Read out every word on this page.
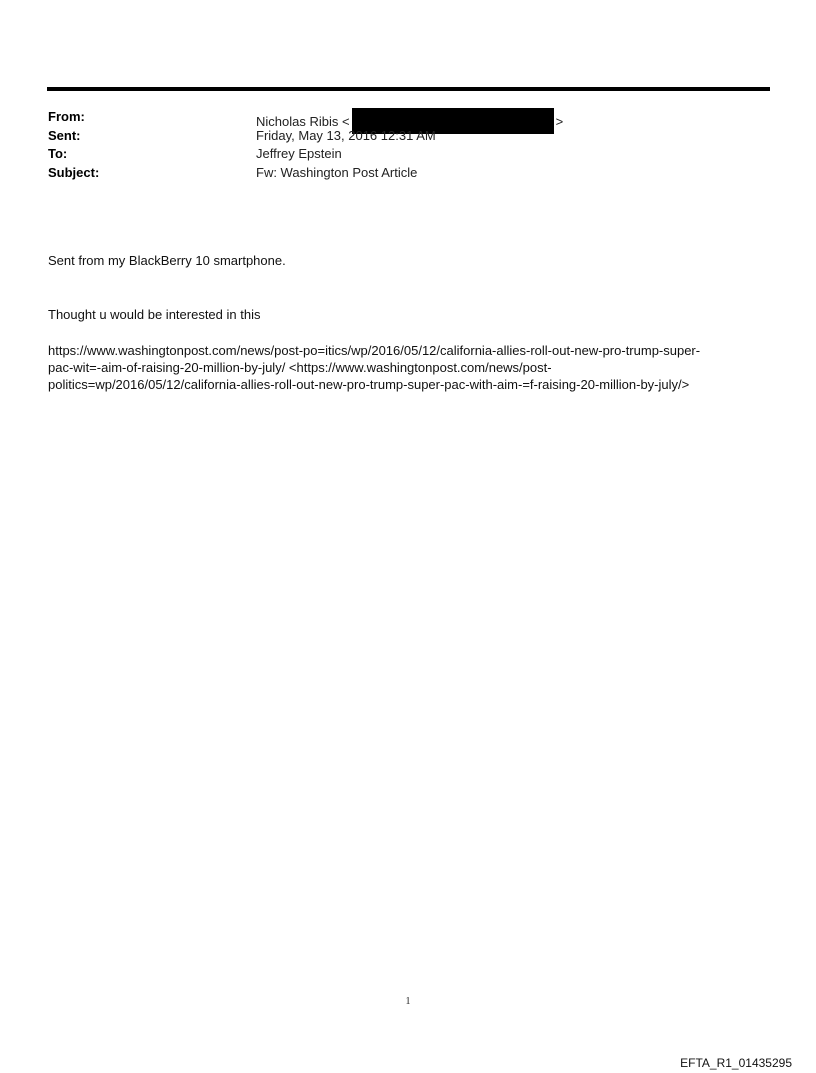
From:	Nicholas Ribis <	>
Sent:	Friday, May 13, 2016 12:31 AM
To:	Jeffrey Epstein
Subject:	Fw: Washington Post Article
Sent from my BlackBerry 10 smartphone.
Thought u would be interested in this
https://www.washingtonpost.com/news/post-po=itics/wp/2016/05/12/california-allies-roll-out-new-pro-trump-super-
pac-wit=-aim-of-raising-20-million-by-july/ <https://www.washingtonpost.com/news/post-
politics=wp/2016/05/12/california-allies-roll-out-new-pro-trump-super-pac-with-aim-=f-raising-20-million-by-july/>
1
EFTA_R1_01435295
